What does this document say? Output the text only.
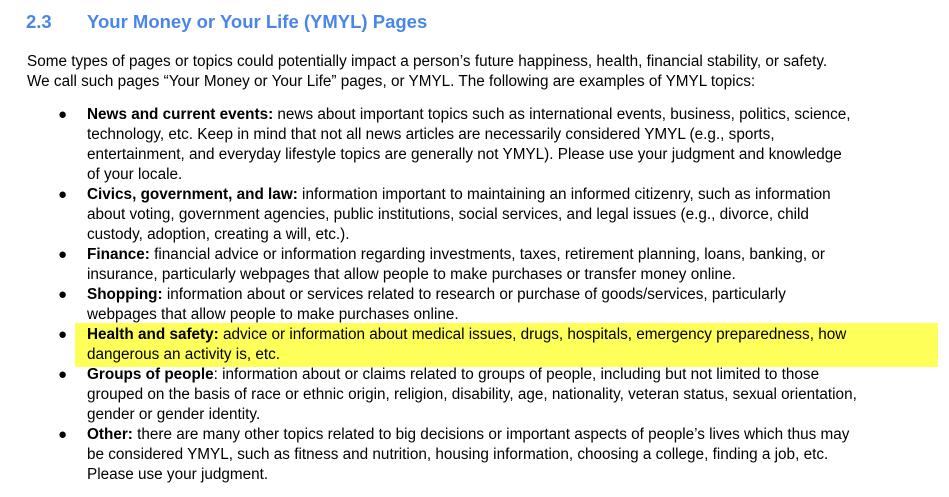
2.3 Your Money or Your Life (YMYL) Pages

Some types of pages or topics could potentially impact a person’s future happiness, health, financial stability, or safety.

We call such pages “Your Money or Your Life” pages, or YMYL. The following are examples of YMYL topics:

● News and current events: news about important topics such as international events, business, politics, science,
technology, etc. Keep in mind that not all news articles are necessarily considered YMYL (e.g., sports,
entertainment, and everyday lifestyle topics are generally not YMYL). Please use your judgment and knowledge
of your locale.
● Civics, government, and law: information important to maintaining an informed citizenry, such as information
about voting, government agencies, public institutions, social services, and legal issues (e.g., divorce, child
custody, adoption, creating a will, etc.).
● Finance: financial advice or information regarding investments, taxes, retirement planning, loans, banking, or
insurance, particularly webpages that allow people to make purchases or transfer money online.
● Shopping: information about or services related to research or purchase of goods/services, particularly
webpages that allow people to make purchases online.
● Health and safety: advice or information about medical issues, drugs, hospitals, emergency preparedness, how
dangerous an activity is, etc.
● Groups of people: information about or claims related to groups of people, including but not limited to those
grouped on the basis of race or ethnic origin, religion, disability, age, nationality, veteran status, sexual orientation,
gender or gender identity.
● Other: there are many other topics related to big decisions or important aspects of people’s lives which thus may
be considered YMYL, such as fitness and nutrition, housing information, choosing a college, finding a job, etc.
Please use your judgment.
